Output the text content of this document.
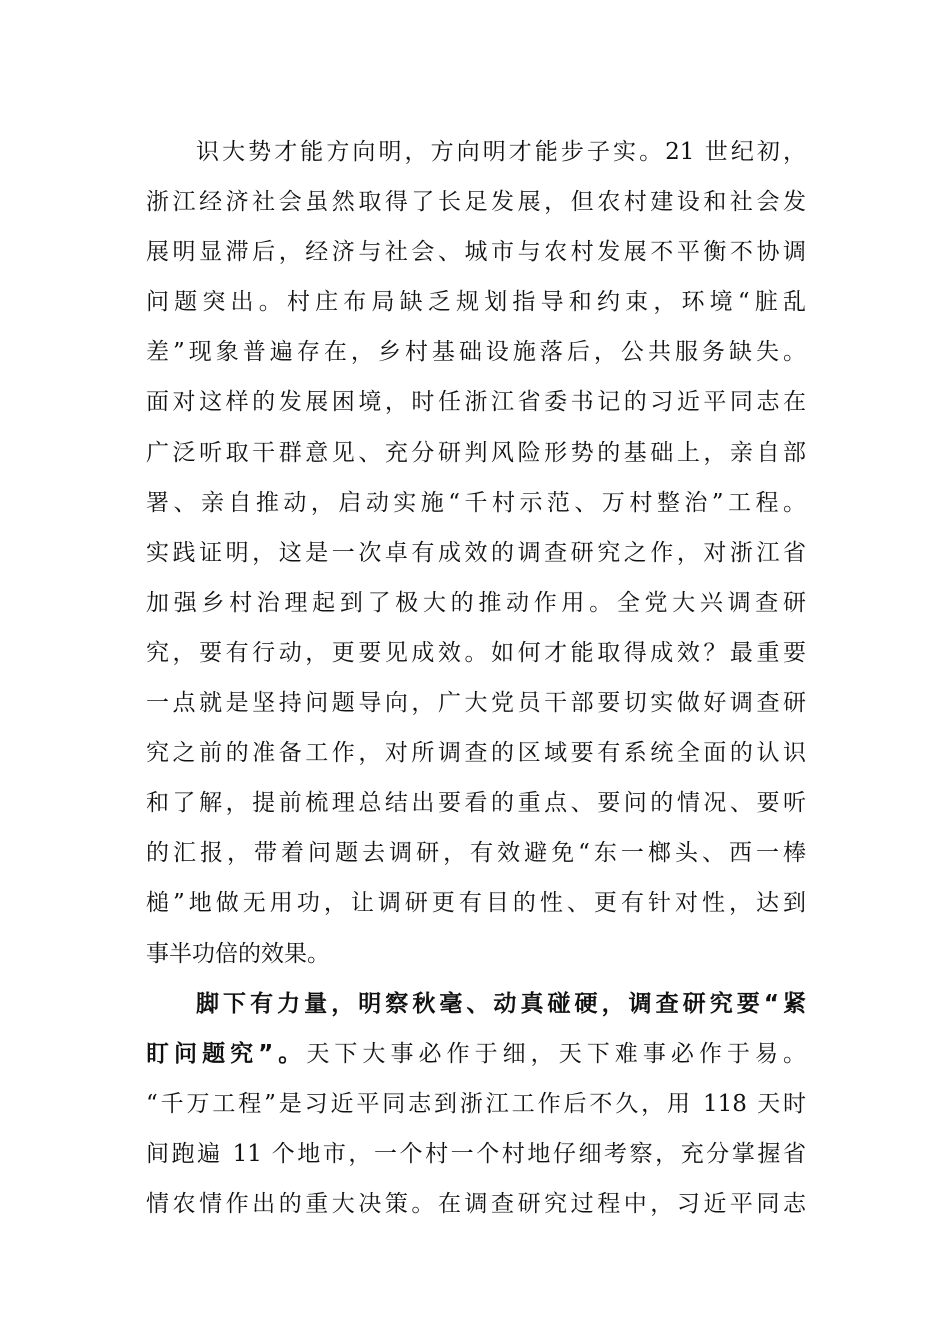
识大势才能方向明，方向明才能步子实。21 世纪初，
浙江经济社会虽然取得了长足发展，但农村建设和社会发
展明显滞后，经济与社会、城市与农村发展不平衡不协调
问题突出。村庄布局缺乏规划指导和约束，环境“脏乱
差”现象普遍存在，乡村基础设施落后，公共服务缺失。
面对这样的发展困境，时任浙江省委书记的习近平同志在
广泛听取干群意见、充分研判风险形势的基础上，亲自部
署、亲自推动，启动实施“千村示范、万村整治”工程。
实践证明，这是一次卓有成效的调查研究之作，对浙江省
加强乡村治理起到了极大的推动作用。全党大兴调查研
究，要有行动，更要见成效。如何才能取得成效？最重要
一点就是坚持问题导向，广大党员干部要切实做好调查研
究之前的准备工作，对所调查的区域要有系统全面的认识
和了解，提前梳理总结出要看的重点、要问的情况、要听
的汇报，带着问题去调研，有效避免“东一榔头、西一棒
槌”地做无用功，让调研更有目的性、更有针对性，达到
事半功倍的效果。
脚下有力量，明察秋毫、动真碰硬，调查研究要“紧
盯问题究”。天下大事必作于细，天下难事必作于易。
“千万工程”是习近平同志到浙江工作后不久，用 118 天时
间跑遍 11 个地市，一个村一个村地仔细考察，充分掌握省
情农情作出的重大决策。在调查研究过程中，习近平同志
